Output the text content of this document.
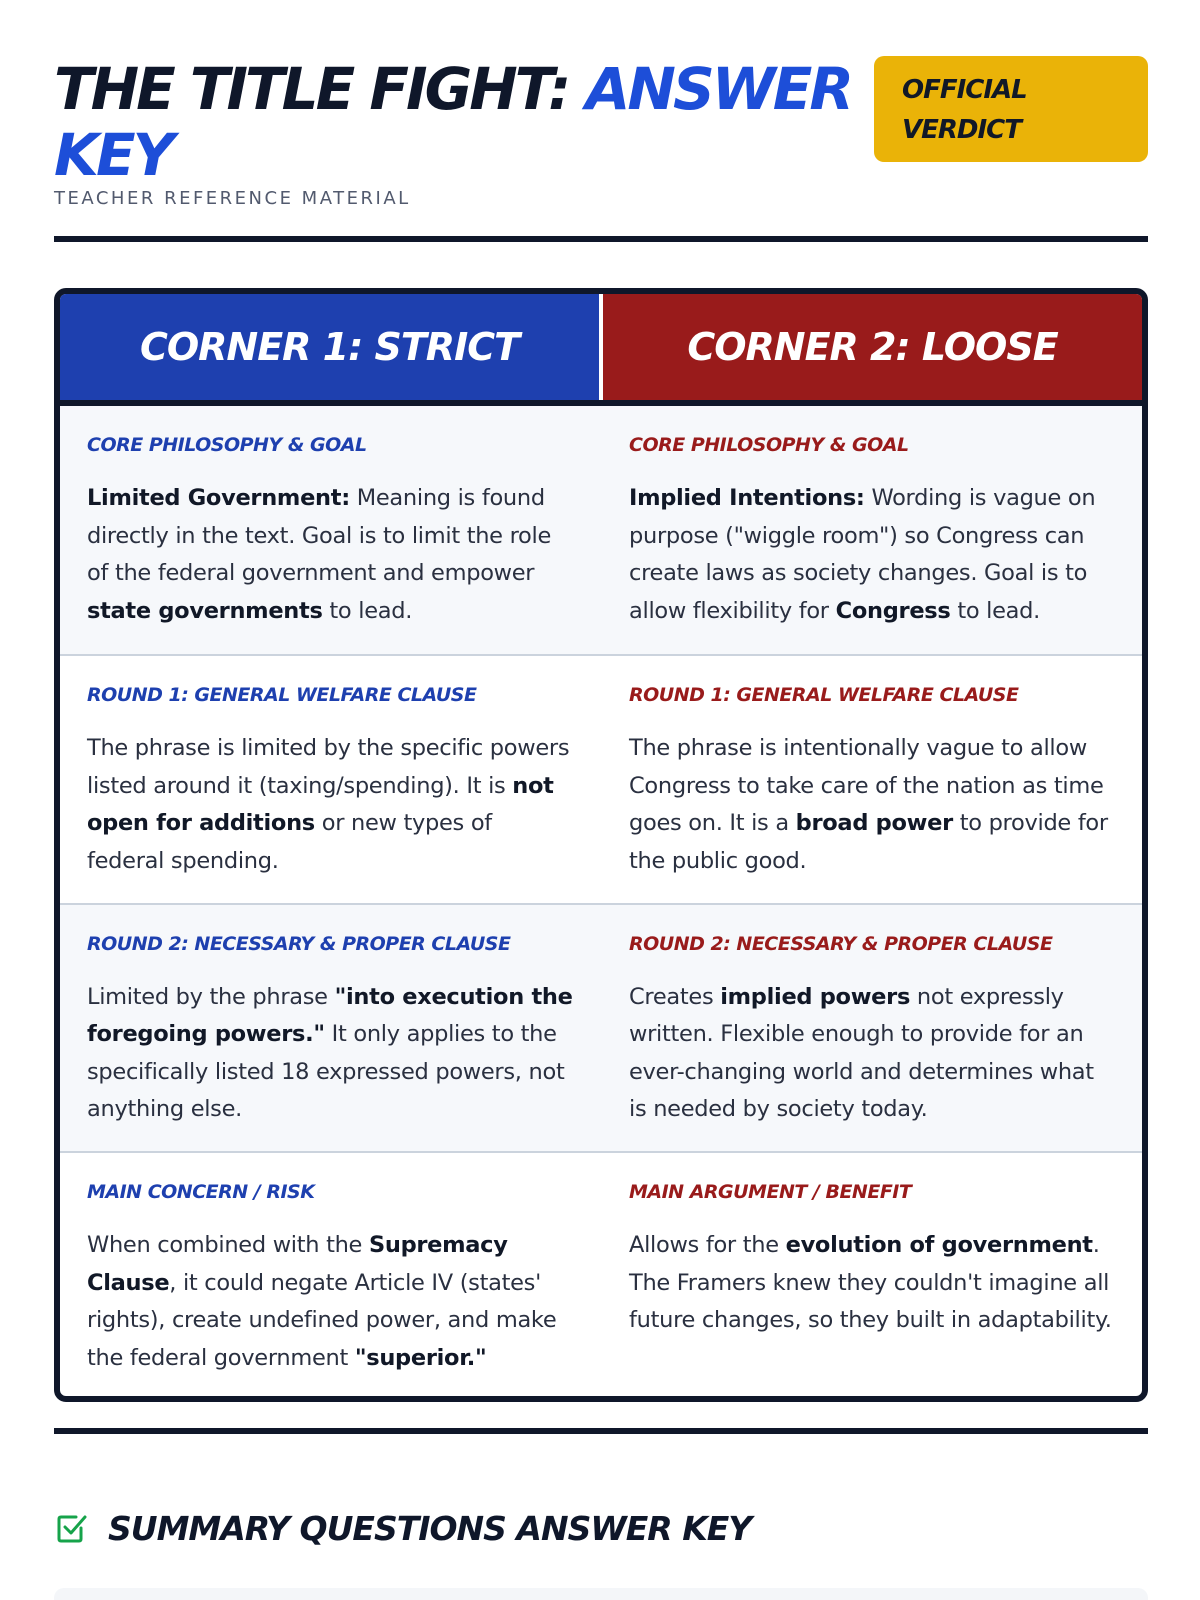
THE TITLE FIGHT: ANSWER KEY
TEACHER REFERENCE MATERIAL
OFFICIAL VERDICT
CORNER 1: STRICT	CORNER 2: LOOSE
CORE PHILOSOPHY & GOAL
Limited Government: Meaning is found directly in the text. Goal is to limit the role of the federal government and empower state governments to lead.
CORE PHILOSOPHY & GOAL
Implied Intentions: Wording is vague on purpose ("wiggle room") so Congress can create laws as society changes. Goal is to allow flexibility for Congress to lead.
ROUND 1: GENERAL WELFARE CLAUSE
The phrase is limited by the specific powers listed around it (taxing/spending). It is not open for additions or new types of federal spending.
ROUND 1: GENERAL WELFARE CLAUSE
The phrase is intentionally vague to allow Congress to take care of the nation as time goes on. It is a broad power to provide for the public good.
ROUND 2: NECESSARY & PROPER CLAUSE
Limited by the phrase "into execution the foregoing powers." It only applies to the specifically listed 18 expressed powers, not anything else.
ROUND 2: NECESSARY & PROPER CLAUSE
Creates implied powers not expressly written. Flexible enough to provide for an ever-changing world and determines what is needed by society today.
MAIN CONCERN / RISK
When combined with the Supremacy Clause, it could negate Article IV (states' rights), create undefined power, and make the federal government "superior."
MAIN ARGUMENT / BENEFIT
Allows for the evolution of government. The Framers knew they couldn't imagine all future changes, so they built in adaptability.
SUMMARY QUESTIONS ANSWER KEY
